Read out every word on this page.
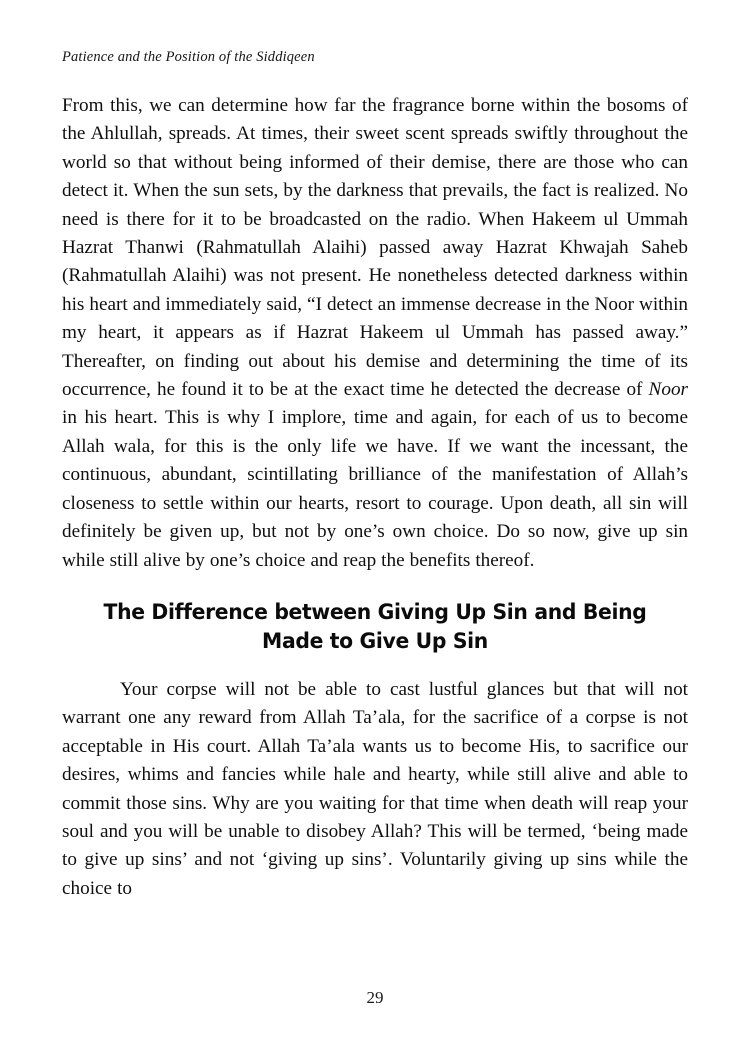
Patience and the Position of the Siddiqeen

From this, we can determine how far the fragrance borne within the bosoms of the Ahlullah, spreads. At times, their sweet scent spreads swiftly throughout the world so that without being informed of their demise, there are those who can detect it. When the sun sets, by the darkness that prevails, the fact is realized. No need is there for it to be broadcasted on the radio. When Hakeem ul Ummah Hazrat Thanwi (Rahmatullah Alaihi) passed away Hazrat Khwajah Saheb (Rahmatullah Alaihi) was not present. He nonetheless detected darkness within his heart and immediately said, “I detect an immense decrease in the Noor within my heart, it appears as if Hazrat Hakeem ul Ummah has passed away.” Thereafter, on finding out about his demise and determining the time of its occurrence, he found it to be at the exact time he detected the decrease of Noor in his heart. This is why I implore, time and again, for each of us to become Allah wala, for this is the only life we have. If we want the incessant, the continuous, abundant, scintillating brilliance of the manifestation of Allah’s closeness to settle within our hearts, resort to courage. Upon death, all sin will definitely be given up, but not by one’s own choice. Do so now, give up sin while still alive by one’s choice and reap the benefits thereof.

The Difference between Giving Up Sin and Being Made to Give Up Sin

Your corpse will not be able to cast lustful glances but that will not warrant one any reward from Allah Ta’ala, for the sacrifice of a corpse is not acceptable in His court. Allah Ta’ala wants us to become His, to sacrifice our desires, whims and fancies while hale and hearty, while still alive and able to commit those sins. Why are you waiting for that time when death will reap your soul and you will be unable to disobey Allah? This will be termed, ‘being made to give up sins’ and not ‘giving up sins’. Voluntarily giving up sins while the choice to

29
